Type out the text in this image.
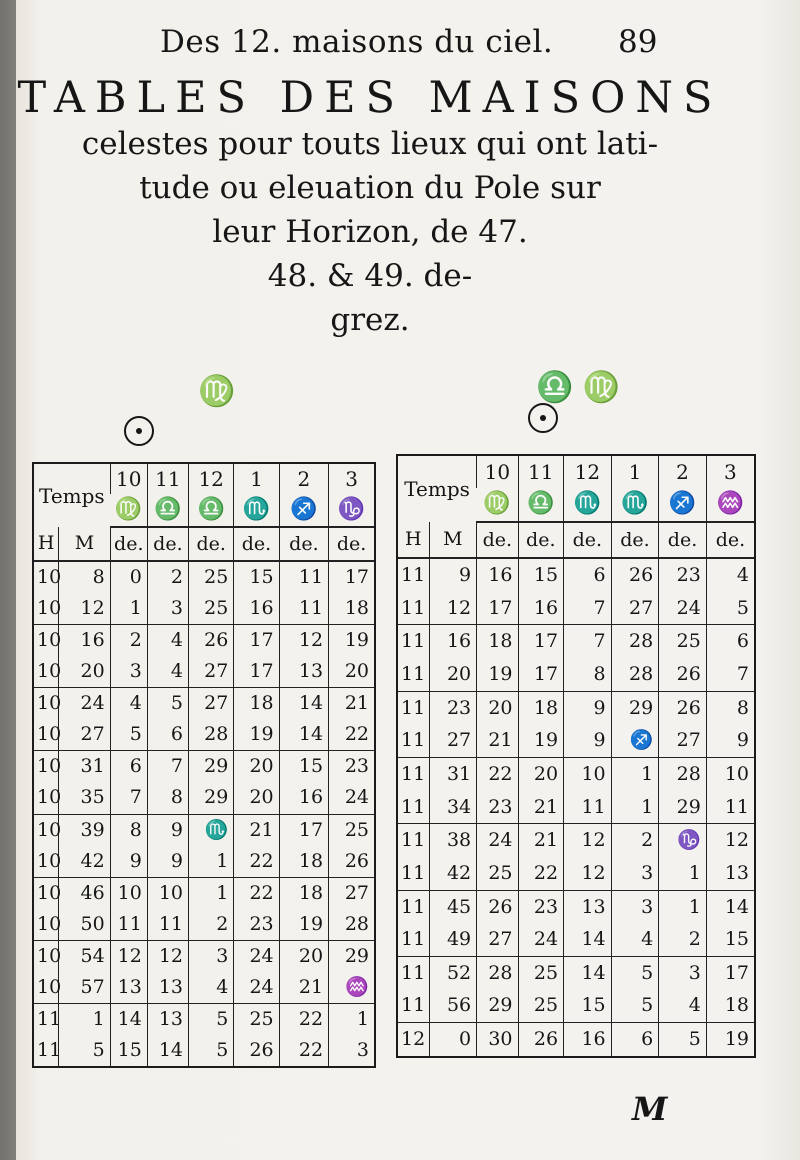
Des 12. maisons du ciel. 89
TABLES DES MAISONS
celestes pour touts lieux qui ont lati-
tude ou eleuation du Pole sur
leur Horizon, de 47.
48. & 49. de-
grez.
♍	♎ ♍
Temps		10	11	12	1	2	3
		♍	♎	♎	♏	♐	♑
H	M	de.	de.	de.	de.	de.	de.
10	8	0	2	25	15	11	17
10	12	1	3	25	16	11	18
10	16	2	4	26	17	12	19
10	20	3	4	27	17	13	20
10	24	4	5	27	18	14	21
10	27	5	6	28	19	14	22
10	31	6	7	29	20	15	23
10	35	7	8	29	20	16	24
10	39	8	9	♏	21	17	25
10	42	9	9	1	22	18	26
10	46	10	10	1	22	18	27
10	50	11	11	2	23	19	28
10	54	12	12	3	24	20	29
10	57	13	13	4	24	21	♒
11	1	14	13	5	25	22	1
11	5	15	14	5	26	22	3
Temps		10	11	12	1	2	3
		♍	♎	♏	♏	♐	♒
H	M	de.	de.	de.	de.	de.	de.
11	9	16	15	6	26	23	4
11	12	17	16	7	27	24	5
11	16	18	17	7	28	25	6
11	20	19	17	8	28	26	7
11	23	20	18	9	29	26	8
11	27	21	19	9	♐	27	9
11	31	22	20	10	1	28	10
11	34	23	21	11	1	29	11
11	38	24	21	12	2	♑	12
11	42	25	22	12	3	1	13
11	45	26	23	13	3	1	14
11	49	27	24	14	4	2	15
11	52	28	25	14	5	3	17
11	56	29	25	15	5	4	18
12	0	30	26	16	6	5	19
M
